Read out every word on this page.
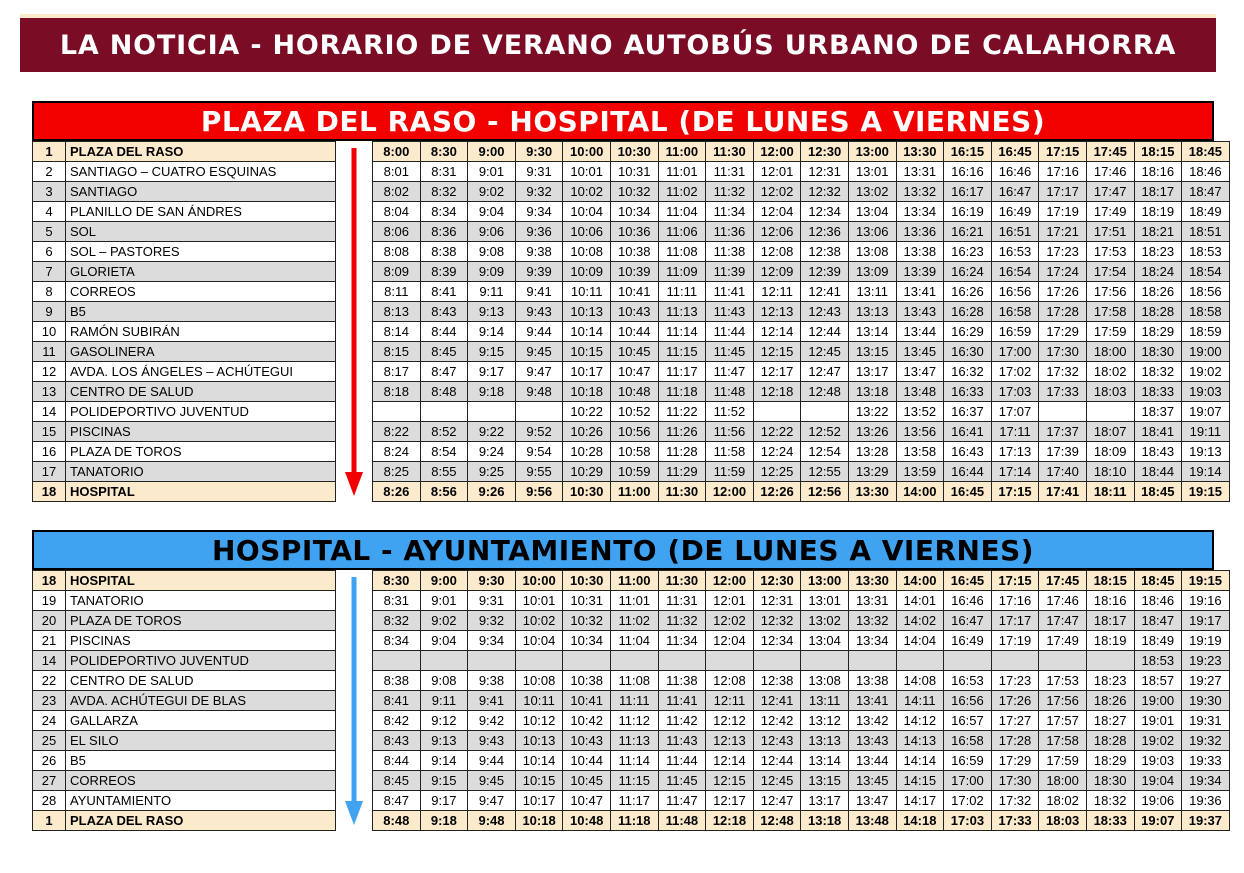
LA NOTICIA - HORARIO DE VERANO AUTOBÚS URBANO DE CALAHORRA
PLAZA DEL RASO - HOSPITAL (DE LUNES A VIERNES)
1	PLAZA DEL RASO		8:00	8:30	9:00	9:30	10:00	10:30	11:00	11:30	12:00	12:30	13:00	13:30	16:15	16:45	17:15	17:45	18:15	18:45
2	SANTIAGO – CUATRO ESQUINAS		8:01	8:31	9:01	9:31	10:01	10:31	11:01	11:31	12:01	12:31	13:01	13:31	16:16	16:46	17:16	17:46	18:16	18:46
3	SANTIAGO		8:02	8:32	9:02	9:32	10:02	10:32	11:02	11:32	12:02	12:32	13:02	13:32	16:17	16:47	17:17	17:47	18:17	18:47
4	PLANILLO DE SAN ÁNDRES		8:04	8:34	9:04	9:34	10:04	10:34	11:04	11:34	12:04	12:34	13:04	13:34	16:19	16:49	17:19	17:49	18:19	18:49
5	SOL		8:06	8:36	9:06	9:36	10:06	10:36	11:06	11:36	12:06	12:36	13:06	13:36	16:21	16:51	17:21	17:51	18:21	18:51
6	SOL – PASTORES		8:08	8:38	9:08	9:38	10:08	10:38	11:08	11:38	12:08	12:38	13:08	13:38	16:23	16:53	17:23	17:53	18:23	18:53
7	GLORIETA		8:09	8:39	9:09	9:39	10:09	10:39	11:09	11:39	12:09	12:39	13:09	13:39	16:24	16:54	17:24	17:54	18:24	18:54
8	CORREOS		8:11	8:41	9:11	9:41	10:11	10:41	11:11	11:41	12:11	12:41	13:11	13:41	16:26	16:56	17:26	17:56	18:26	18:56
9	B5		8:13	8:43	9:13	9:43	10:13	10:43	11:13	11:43	12:13	12:43	13:13	13:43	16:28	16:58	17:28	17:58	18:28	18:58
10	RAMÓN SUBIRÁN		8:14	8:44	9:14	9:44	10:14	10:44	11:14	11:44	12:14	12:44	13:14	13:44	16:29	16:59	17:29	17:59	18:29	18:59
11	GASOLINERA		8:15	8:45	9:15	9:45	10:15	10:45	11:15	11:45	12:15	12:45	13:15	13:45	16:30	17:00	17:30	18:00	18:30	19:00
12	AVDA. LOS ÁNGELES – ACHÚTEGUI		8:17	8:47	9:17	9:47	10:17	10:47	11:17	11:47	12:17	12:47	13:17	13:47	16:32	17:02	17:32	18:02	18:32	19:02
13	CENTRO DE SALUD		8:18	8:48	9:18	9:48	10:18	10:48	11:18	11:48	12:18	12:48	13:18	13:48	16:33	17:03	17:33	18:03	18:33	19:03
14	POLIDEPORTIVO JUVENTUD						10:22	10:52	11:22	11:52			13:22	13:52	16:37	17:07			18:37	19:07
15	PISCINAS		8:22	8:52	9:22	9:52	10:26	10:56	11:26	11:56	12:22	12:52	13:26	13:56	16:41	17:11	17:37	18:07	18:41	19:11
16	PLAZA DE TOROS		8:24	8:54	9:24	9:54	10:28	10:58	11:28	11:58	12:24	12:54	13:28	13:58	16:43	17:13	17:39	18:09	18:43	19:13
17	TANATORIO		8:25	8:55	9:25	9:55	10:29	10:59	11:29	11:59	12:25	12:55	13:29	13:59	16:44	17:14	17:40	18:10	18:44	19:14
18	HOSPITAL		8:26	8:56	9:26	9:56	10:30	11:00	11:30	12:00	12:26	12:56	13:30	14:00	16:45	17:15	17:41	18:11	18:45	19:15
HOSPITAL - AYUNTAMIENTO (DE LUNES A VIERNES)
18	HOSPITAL		8:30	9:00	9:30	10:00	10:30	11:00	11:30	12:00	12:30	13:00	13:30	14:00	16:45	17:15	17:45	18:15	18:45	19:15
19	TANATORIO		8:31	9:01	9:31	10:01	10:31	11:01	11:31	12:01	12:31	13:01	13:31	14:01	16:46	17:16	17:46	18:16	18:46	19:16
20	PLAZA DE TOROS		8:32	9:02	9:32	10:02	10:32	11:02	11:32	12:02	12:32	13:02	13:32	14:02	16:47	17:17	17:47	18:17	18:47	19:17
21	PISCINAS		8:34	9:04	9:34	10:04	10:34	11:04	11:34	12:04	12:34	13:04	13:34	14:04	16:49	17:19	17:49	18:19	18:49	19:19
14	POLIDEPORTIVO JUVENTUD																		18:53	19:23
22	CENTRO DE SALUD		8:38	9:08	9:38	10:08	10:38	11:08	11:38	12:08	12:38	13:08	13:38	14:08	16:53	17:23	17:53	18:23	18:57	19:27
23	AVDA. ACHÚTEGUI DE BLAS		8:41	9:11	9:41	10:11	10:41	11:11	11:41	12:11	12:41	13:11	13:41	14:11	16:56	17:26	17:56	18:26	19:00	19:30
24	GALLARZA		8:42	9:12	9:42	10:12	10:42	11:12	11:42	12:12	12:42	13:12	13:42	14:12	16:57	17:27	17:57	18:27	19:01	19:31
25	EL SILO		8:43	9:13	9:43	10:13	10:43	11:13	11:43	12:13	12:43	13:13	13:43	14:13	16:58	17:28	17:58	18:28	19:02	19:32
26	B5		8:44	9:14	9:44	10:14	10:44	11:14	11:44	12:14	12:44	13:14	13:44	14:14	16:59	17:29	17:59	18:29	19:03	19:33
27	CORREOS		8:45	9:15	9:45	10:15	10:45	11:15	11:45	12:15	12:45	13:15	13:45	14:15	17:00	17:30	18:00	18:30	19:04	19:34
28	AYUNTAMIENTO		8:47	9:17	9:47	10:17	10:47	11:17	11:47	12:17	12:47	13:17	13:47	14:17	17:02	17:32	18:02	18:32	19:06	19:36
1	PLAZA DEL RASO		8:48	9:18	9:48	10:18	10:48	11:18	11:48	12:18	12:48	13:18	13:48	14:18	17:03	17:33	18:03	18:33	19:07	19:37
